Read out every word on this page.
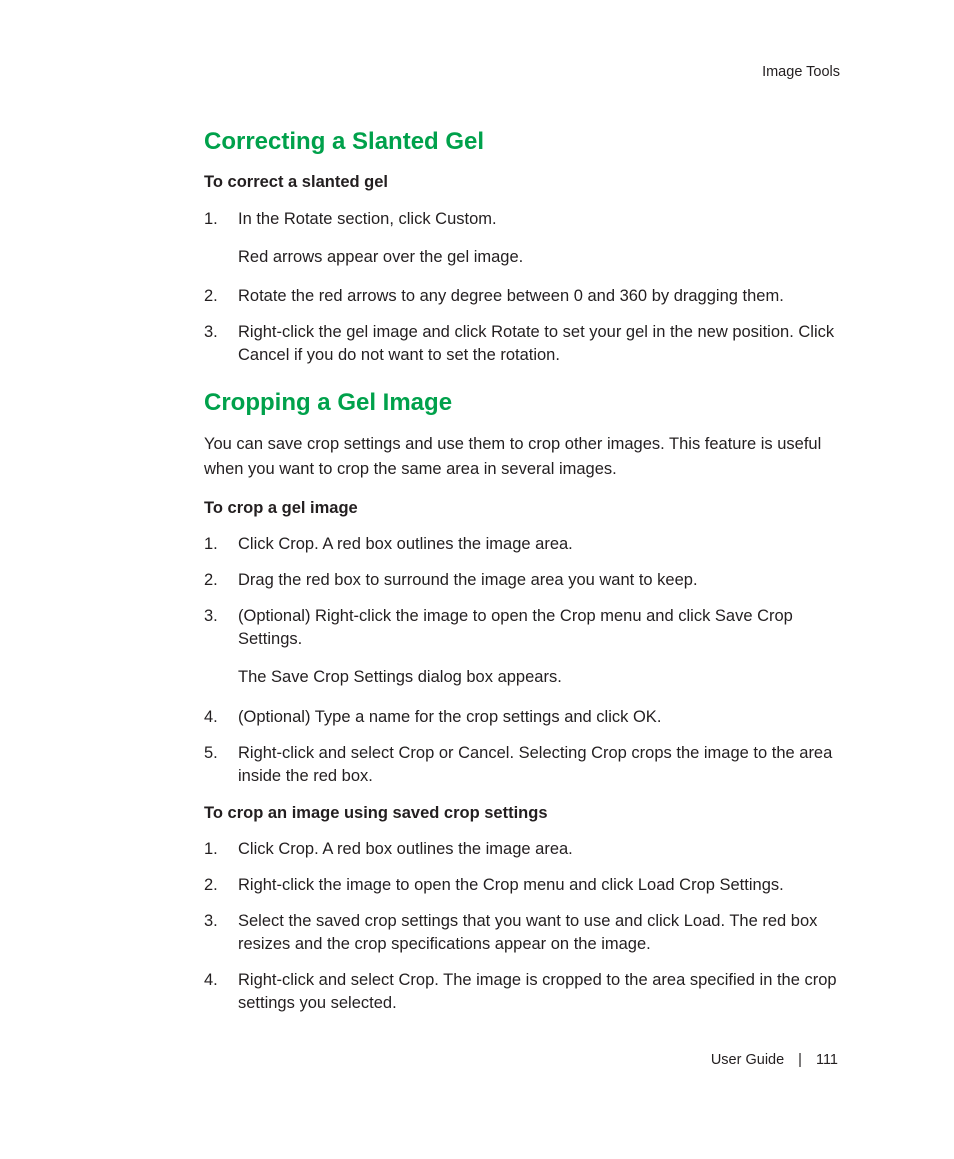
Image Tools
Correcting a Slanted Gel
To correct a slanted gel
1. In the Rotate section, click Custom.
Red arrows appear over the gel image.
2. Rotate the red arrows to any degree between 0 and 360 by dragging them.
3. Right-click the gel image and click Rotate to set your gel in the new position. Click Cancel if you do not want to set the rotation.
Cropping a Gel Image

You can save crop settings and use them to crop other images. This feature is useful when you want to crop the same area in several images.

To crop a gel image
1. Click Crop. A red box outlines the image area.
2. Drag the red box to surround the image area you want to keep.
3. (Optional) Right-click the image to open the Crop menu and click Save Crop Settings.
The Save Crop Settings dialog box appears.
4. (Optional) Type a name for the crop settings and click OK.
5. Right-click and select Crop or Cancel. Selecting Crop crops the image to the area inside the red box.
To crop an image using saved crop settings
1. Click Crop. A red box outlines the image area.
2. Right-click the image to open the Crop menu and click Load Crop Settings.
3. Select the saved crop settings that you want to use and click Load. The red box resizes and the crop specifications appear on the image.
4. Right-click and select Crop. The image is cropped to the area specified in the crop settings you selected.
User Guide | 111
